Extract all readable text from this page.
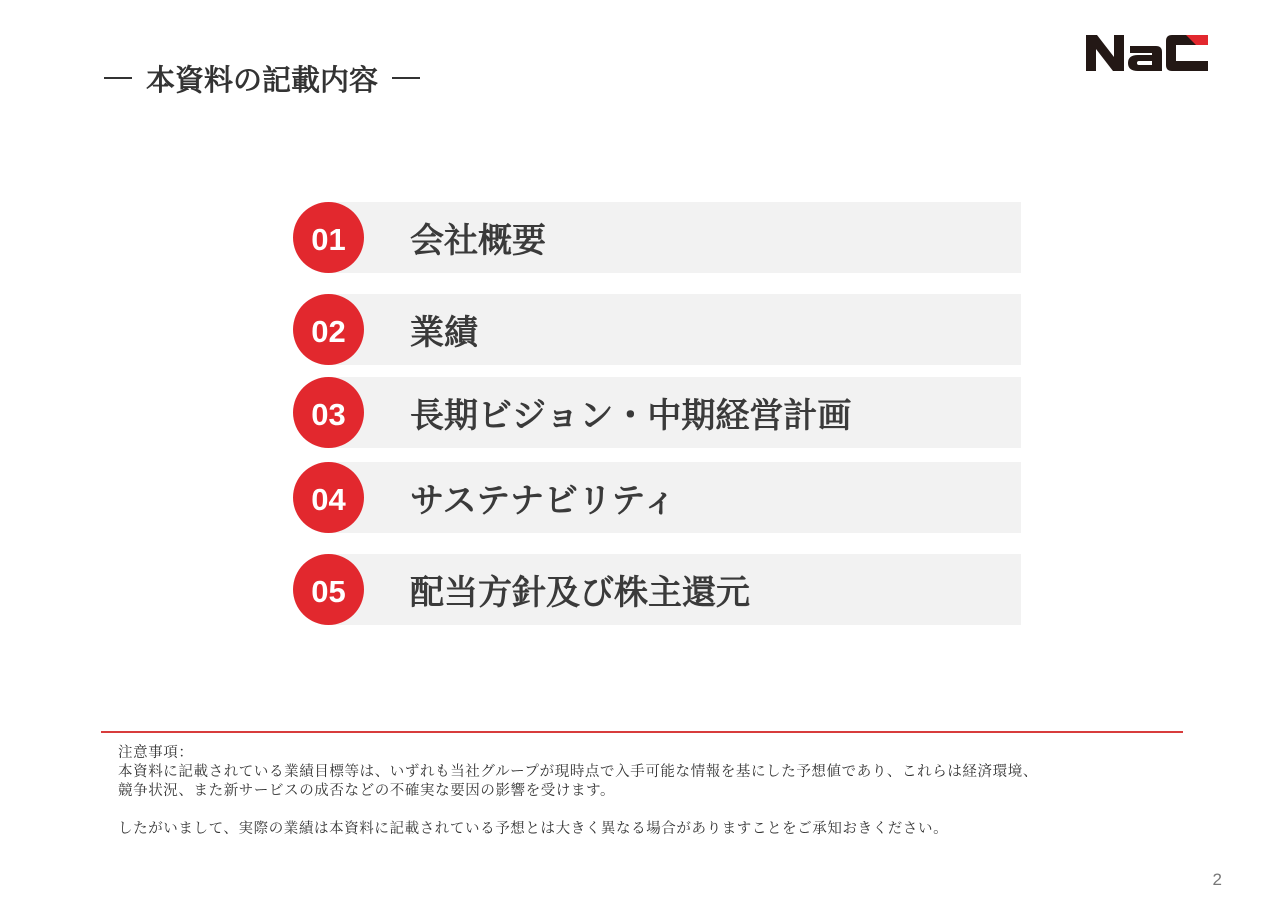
本資料の記載内容
01	会社概要
02	業績
03	長期ビジョン・中期経営計画
04	サステナビリティ
05	配当方針及び株主還元

注意事項：

本資料に記載されている業績目標等は、いずれも当社グループが現時点で入手可能な情報を基にした予想値であり、これらは経済環境、

競争状況、また新サービスの成否などの不確実な要因の影響を受けます。

したがいまして、実際の業績は本資料に記載されている予想とは大きく異なる場合がありますことをご承知おきください。

2
